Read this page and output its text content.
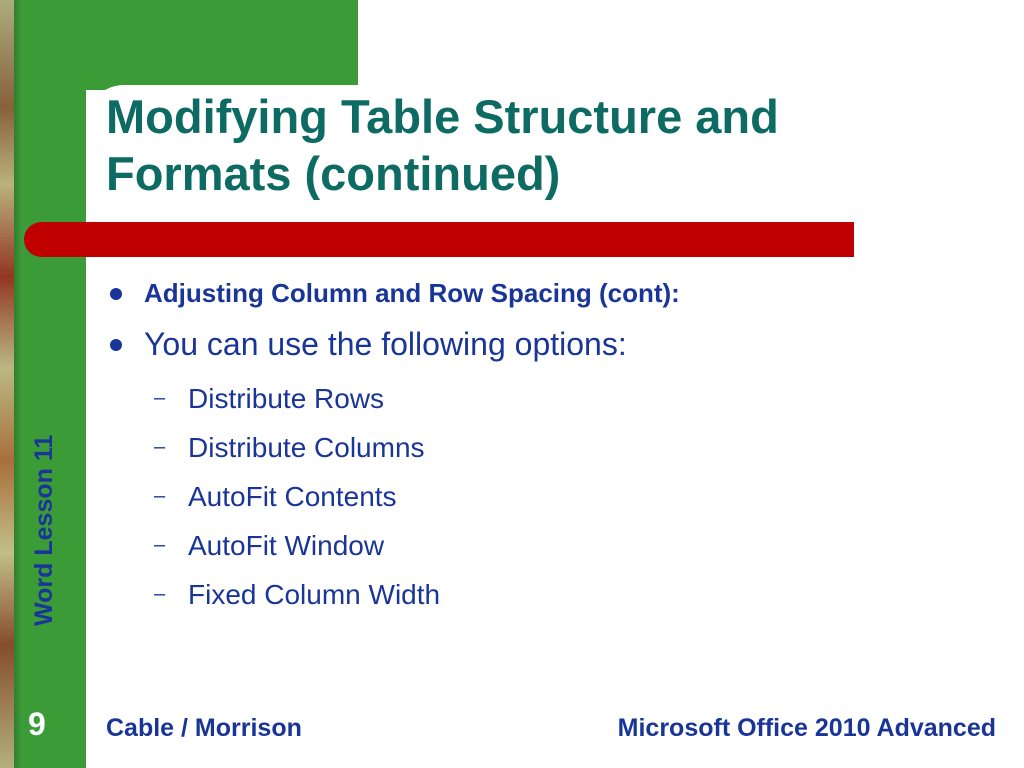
Modifying Table Structure and Formats (continued)
Word Lesson 11

Adjusting Column and Row Spacing (cont):

You can use the following options:

– Distribute Rows
– Distribute Columns
– AutoFit Contents
– AutoFit Window
– Fixed Column Width
9 Cable / Morrison	Microsoft Office 2010 Advanced
